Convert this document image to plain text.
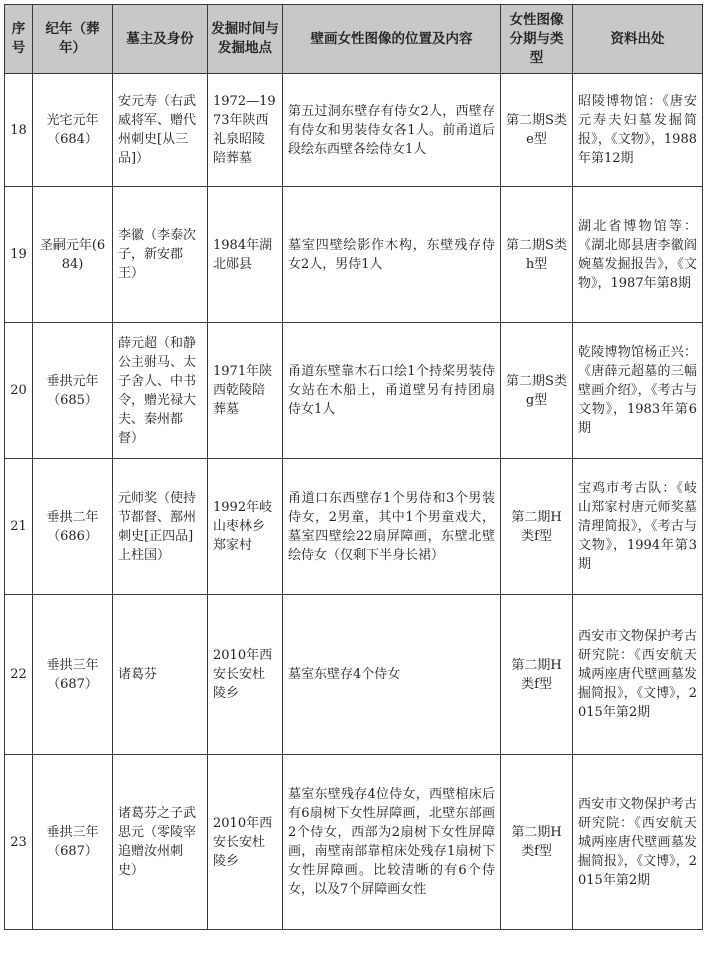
序号	纪年（葬年）	墓主及身份	发掘时间与发掘地点	壁画女性图像的位置及内容	女性图像分期与类型	资料出处
18	光宅元年（684）	安元寿（右武威将军、赠代州刺史[从三品]）	1972—1973年陕西礼泉昭陵陪葬墓	第五过洞东壁存有侍女2人，西壁存有侍女和男装侍女各1人。前甬道后段绘东西壁各绘侍女1人	第二期S类e型	昭陵博物馆：《唐安元寿夫妇墓发掘简报》，《文物》，1988年第12期
19	圣嗣元年(684)	李徽（李泰次子，新安郡王）	1984年湖北郧县	墓室四壁绘影作木构，东壁残存侍女2人，男侍1人	第二期S类h型	湖北省博物馆等：《湖北郧县唐李徽阎婉墓发掘报告》，《文物》，1987年第8期
20	垂拱元年（685）	薛元超（和静公主驸马、太子舍人、中书令，赠光禄大夫、秦州都督）	1971年陕西乾陵陪葬墓	甬道东壁靠木石口绘1个持桨男装侍女站在木船上，甬道壁另有持团扇侍女1人	第二期S类g型	乾陵博物馆杨正兴：《唐薛元超墓的三幅壁画介绍》，《考古与文物》，1983年第6期
21	垂拱二年（686）	元师奖（使持节都督、鄯州刺史[正四品]上柱国）	1992年岐山枣林乡郑家村	甬道口东西壁存1个男侍和3个男装侍女，2男童，其中1个男童戏犬，墓室四壁绘22扇屏障画，东壁北壁绘侍女（仅剩下半身长裙）	第二期H类f型	宝鸡市考古队：《岐山郑家村唐元师奖墓清理简报》，《考古与文物》，1994年第3期
22	垂拱三年（687）	诸葛芬	2010年西安长安杜陵乡	墓室东壁存4个侍女	第二期H类f型	西安市文物保护考古研究院：《西安航天城两座唐代壁画墓发掘简报》，《文博》，2015年第2期
23	垂拱三年（687）	诸葛芬之子武思元（零陵宰追赠汝州刺史）	2010年西安长安杜陵乡	墓室东壁残存4位侍女，西壁棺床后有6扇树下女性屏障画，北壁东部画2个侍女，西部为2扇树下女性屏障画，南壁南部靠棺床处残存1扇树下女性屏障画。比较清晰的有6个侍女，以及7个屏障画女性	第二期H类f型	西安市文物保护考古研究院：《西安航天城两座唐代壁画墓发掘简报》，《文博》，2015年第2期
